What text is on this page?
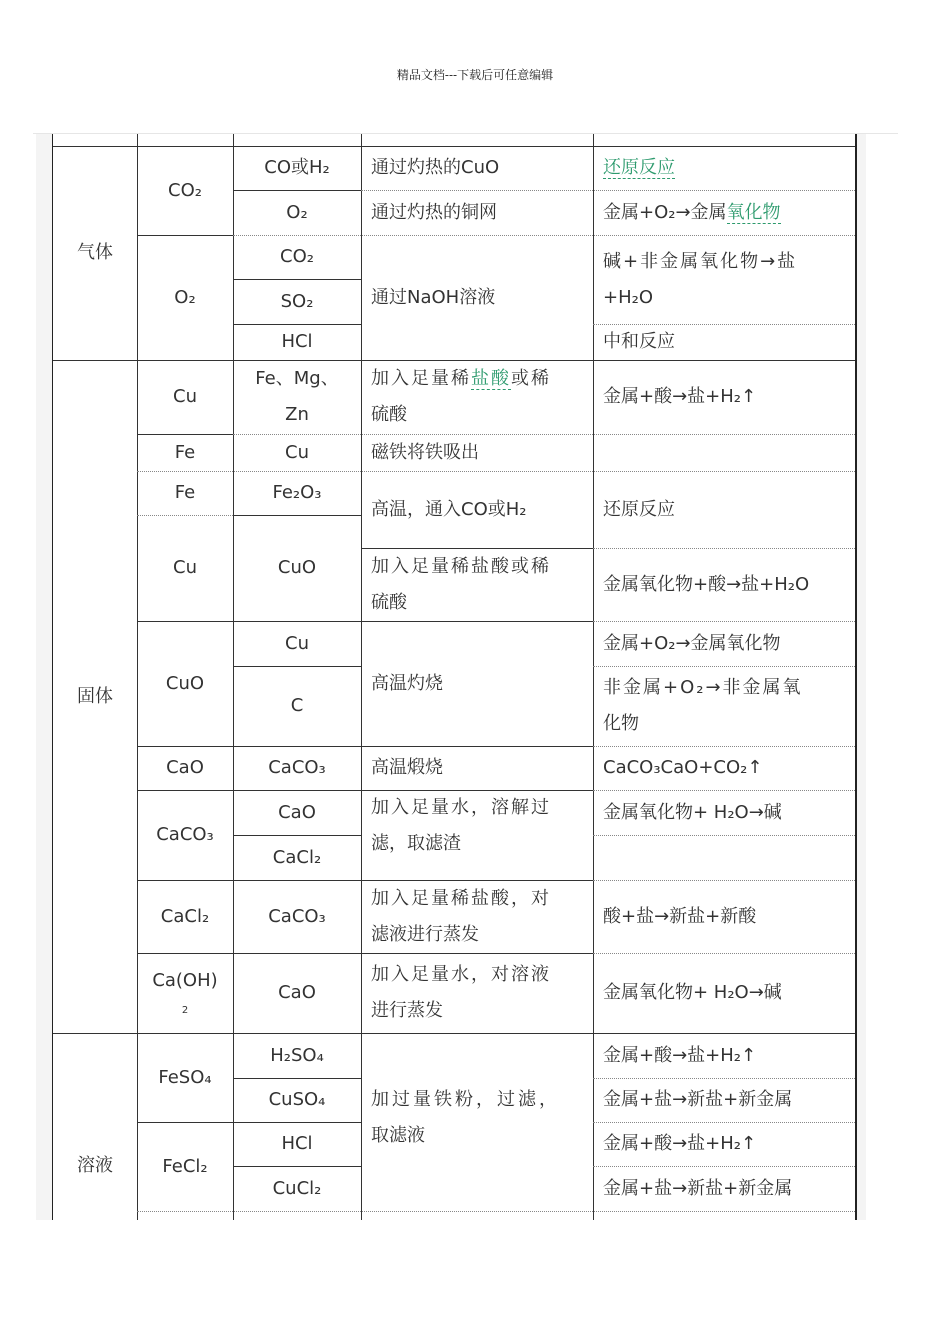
精品文档---下载后可任意编辑
气体
固体
溶液
CO₂
O₂
Cu
Fe
Fe
Cu
CuO
CaO
CaCO₃
CaCl₂
Ca(OH)
2
FeSO₄
FeCl₂
CO或H₂
O₂
CO₂
SO₂
HCl
Fe、Mg、Zn
Cu
Fe₂O₃
CuO
Cu
C
CaCO₃
CaO
CaCl₂
CaCO₃
CaO
H₂SO₄
CuSO₄
HCl
CuCl₂
通过灼热的CuO
通过灼热的铜网
通过NaOH溶液
加入足量稀盐酸或稀
硫酸
磁铁将铁吸出
高温，通入CO或H₂
加入足量稀盐酸或稀
硫酸
高温灼烧
高温煅烧
加入足量水，溶解过
滤，取滤渣
加入足量稀盐酸，对
滤液进行蒸发
加入足量水，对溶液
进行蒸发
加过量铁粉，过滤，
取滤液
还原反应
金属+O₂→金属氧化物
碱+非金属氧化物→盐
+H₂O
中和反应
金属+酸→盐+H₂↑
还原反应
金属氧化物+酸→盐+H₂O
金属+O₂→金属氧化物
非金属+O₂→非金属氧
化物
CaCO₃CaO+CO₂↑
金属氧化物+ H₂O→碱
酸+盐→新盐+新酸
金属氧化物+ H₂O→碱
金属+酸→盐+H₂↑
金属+盐→新盐+新金属
金属+酸→盐+H₂↑
金属+盐→新盐+新金属
